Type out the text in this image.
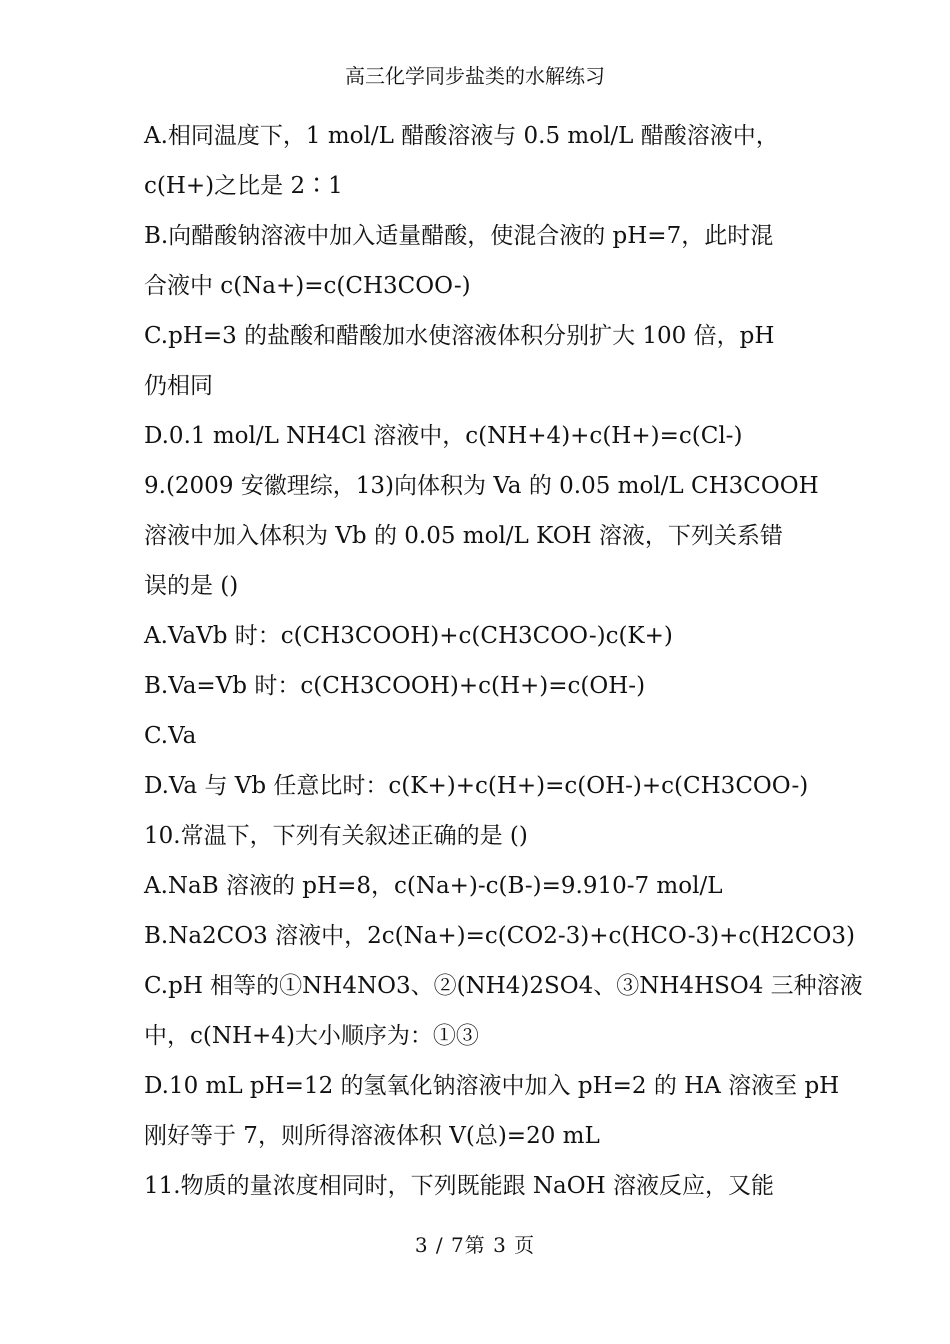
高三化学同步盐类的水解练习
A.相同温度下，1 mol/L 醋酸溶液与 0.5 mol/L 醋酸溶液中，
c(H+)之比是 2∶1
B.向醋酸钠溶液中加入适量醋酸，使混合液的 pH=7，此时混
合液中 c(Na+)=c(CH3COO-)
C.pH=3 的盐酸和醋酸加水使溶液体积分别扩大 100 倍，pH
仍相同
D.0.1 mol/L NH4Cl 溶液中，c(NH+4)+c(H+)=c(Cl-)
9.(2009 安徽理综，13)向体积为 Va 的 0.05 mol/L CH3COOH
溶液中加入体积为 Vb 的 0.05 mol/L KOH 溶液，下列关系错
误的是 ()
A.VaVb 时：c(CH3COOH)+c(CH3COO-)c(K+)
B.Va=Vb 时：c(CH3COOH)+c(H+)=c(OH-)
C.Va
D.Va 与 Vb 任意比时：c(K+)+c(H+)=c(OH-)+c(CH3COO-)
10.常温下，下列有关叙述正确的是 ()
A.NaB 溶液的 pH=8，c(Na+)-c(B-)=9.910-7 mol/L
B.Na2CO3 溶液中，2c(Na+)=c(CO2-3)+c(HCO-3)+c(H2CO3)
C.pH 相等的①NH4NO3、②(NH4)2SO4、③NH4HSO4 三种溶液
中，c(NH+4)大小顺序为：①③
D.10 mL pH=12 的氢氧化钠溶液中加入 pH=2 的 HA 溶液至 pH
刚好等于 7，则所得溶液体积 V(总)=20 mL
11.物质的量浓度相同时，下列既能跟 NaOH 溶液反应，又能
3 / 7第 3 页
